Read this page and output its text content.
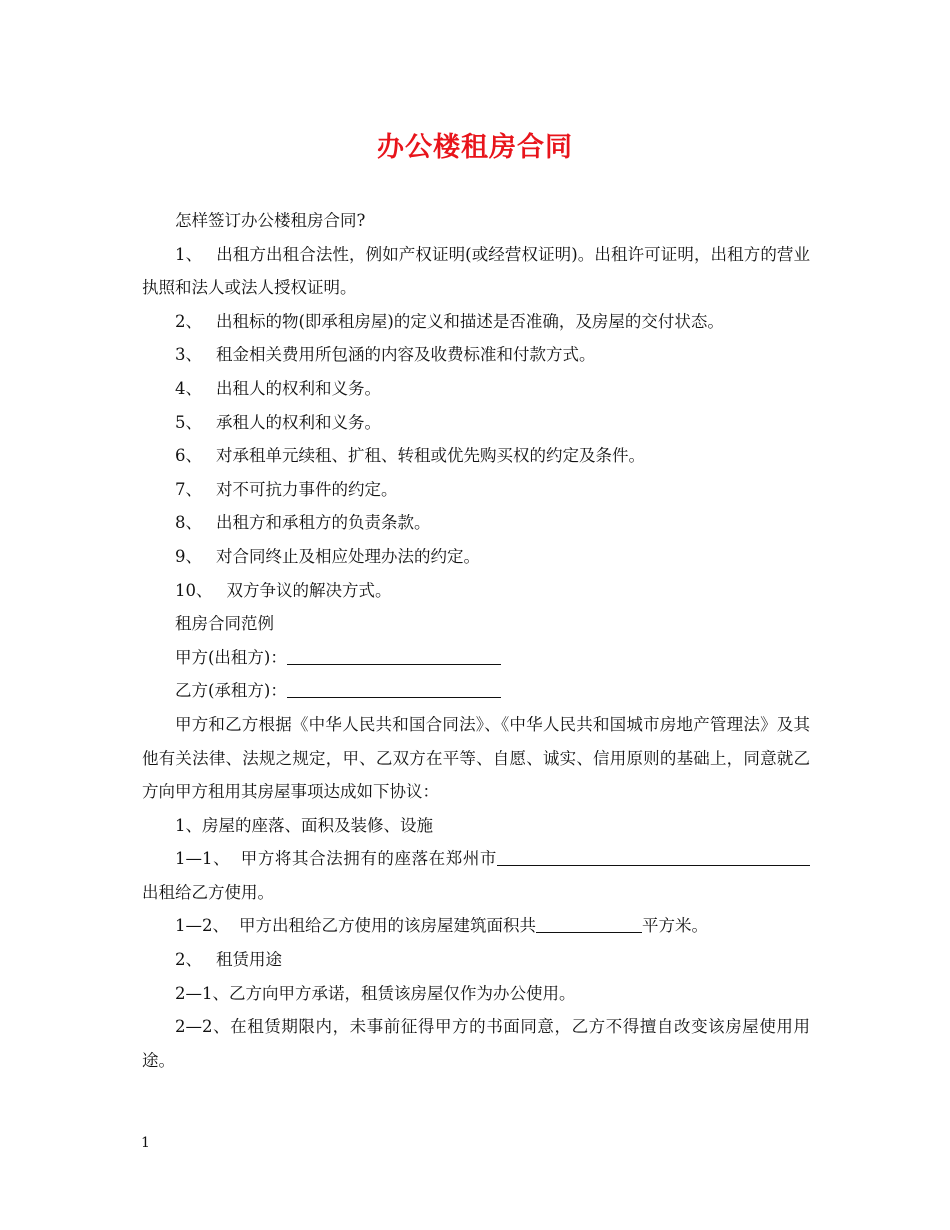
办公楼租房合同

怎样签订办公楼租房合同?

1、 出租方出租合法性，例如产权证明(或经营权证明)。出租许可证明，出租方的营业执照和法人或法人授权证明。

2、 出租标的物(即承租房屋)的定义和描述是否准确，及房屋的交付状态。

3、 租金相关费用所包涵的内容及收费标准和付款方式。

4、 出租人的权利和义务。

5、 承租人的权利和义务。

6、 对承租单元续租、扩租、转租或优先购买权的约定及条件。

7、 对不可抗力事件的约定。

8、 出租方和承租方的负责条款。

9、 对合同终止及相应处理办法的约定。

10、 双方争议的解决方式。

租房合同范例

甲方(出租方)：

乙方(承租方)：

甲方和乙方根据《中华人民共和国合同法》、《中华人民共和国城市房地产管理法》及其他有关法律、法规之规定，甲、乙双方在平等、自愿、诚实、信用原则的基础上，同意就乙方向甲方租用其房屋事项达成如下协议：

1、房屋的座落、面积及装修、设施

1—1、 甲方将其合法拥有的座落在郑州市出租给乙方使用。

1—2、 甲方出租给乙方使用的该房屋建筑面积共	平方米。

2、 租赁用途

2—1、乙方向甲方承诺，租赁该房屋仅作为办公使用。

2—2、在租赁期限内，未事前征得甲方的书面同意，乙方不得擅自改变该房屋使用用途。

1
